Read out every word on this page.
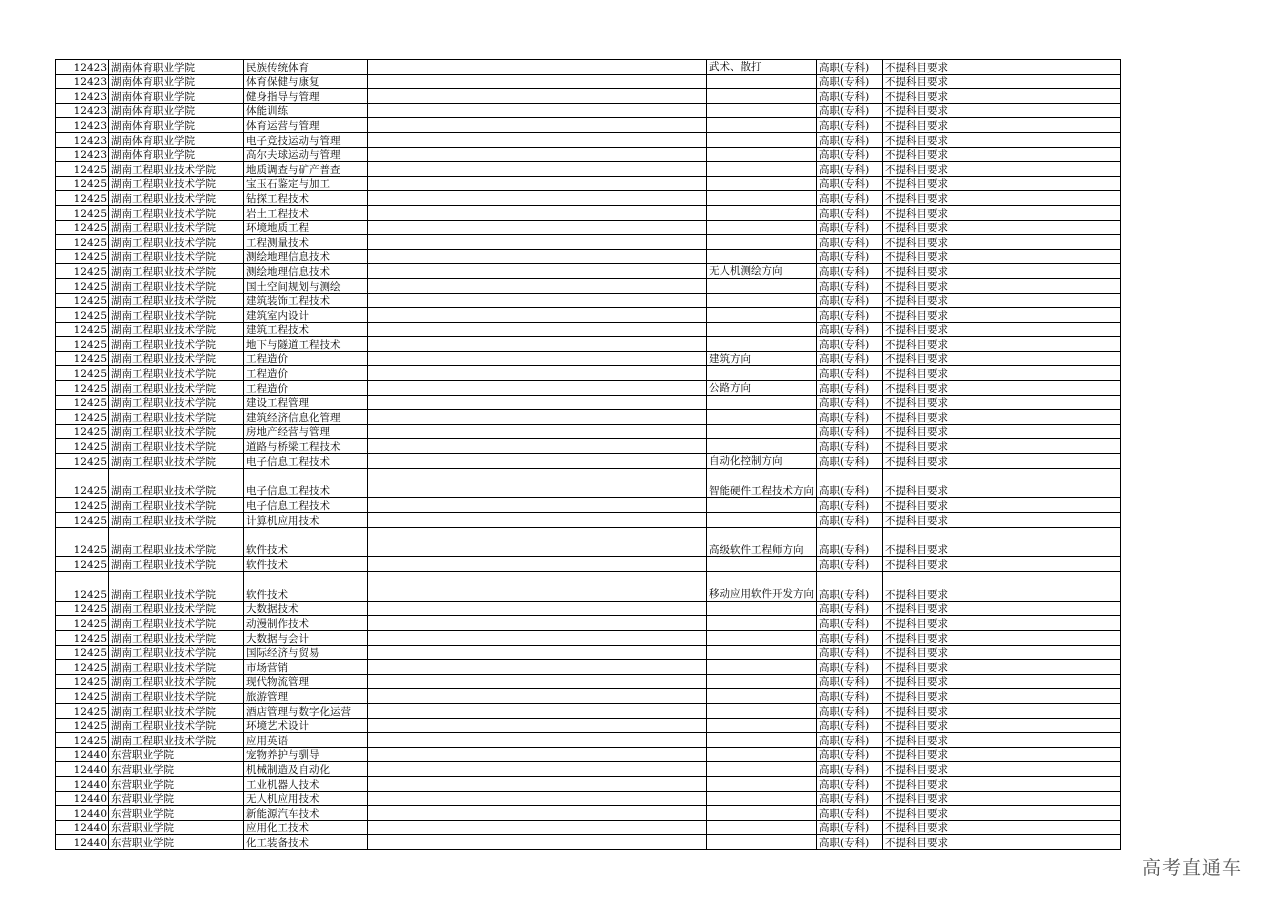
12423	湖南体育职业学院	民族传统体育		武术、散打	高职(专科)	不提科目要求
12423	湖南体育职业学院	体育保健与康复			高职(专科)	不提科目要求
12423	湖南体育职业学院	健身指导与管理			高职(专科)	不提科目要求
12423	湖南体育职业学院	体能训练			高职(专科)	不提科目要求
12423	湖南体育职业学院	体育运营与管理			高职(专科)	不提科目要求
12423	湖南体育职业学院	电子竞技运动与管理			高职(专科)	不提科目要求
12423	湖南体育职业学院	高尔夫球运动与管理			高职(专科)	不提科目要求
12425	湖南工程职业技术学院	地质调查与矿产普查			高职(专科)	不提科目要求
12425	湖南工程职业技术学院	宝玉石鉴定与加工			高职(专科)	不提科目要求
12425	湖南工程职业技术学院	钻探工程技术			高职(专科)	不提科目要求
12425	湖南工程职业技术学院	岩土工程技术			高职(专科)	不提科目要求
12425	湖南工程职业技术学院	环境地质工程			高职(专科)	不提科目要求
12425	湖南工程职业技术学院	工程测量技术			高职(专科)	不提科目要求
12425	湖南工程职业技术学院	测绘地理信息技术			高职(专科)	不提科目要求
12425	湖南工程职业技术学院	测绘地理信息技术		无人机测绘方向	高职(专科)	不提科目要求
12425	湖南工程职业技术学院	国土空间规划与测绘			高职(专科)	不提科目要求
12425	湖南工程职业技术学院	建筑装饰工程技术			高职(专科)	不提科目要求
12425	湖南工程职业技术学院	建筑室内设计			高职(专科)	不提科目要求
12425	湖南工程职业技术学院	建筑工程技术			高职(专科)	不提科目要求
12425	湖南工程职业技术学院	地下与隧道工程技术			高职(专科)	不提科目要求
12425	湖南工程职业技术学院	工程造价		建筑方向	高职(专科)	不提科目要求
12425	湖南工程职业技术学院	工程造价			高职(专科)	不提科目要求
12425	湖南工程职业技术学院	工程造价		公路方向	高职(专科)	不提科目要求
12425	湖南工程职业技术学院	建设工程管理			高职(专科)	不提科目要求
12425	湖南工程职业技术学院	建筑经济信息化管理			高职(专科)	不提科目要求
12425	湖南工程职业技术学院	房地产经营与管理			高职(专科)	不提科目要求
12425	湖南工程职业技术学院	道路与桥梁工程技术			高职(专科)	不提科目要求
12425	湖南工程职业技术学院	电子信息工程技术		自动化控制方向	高职(专科)	不提科目要求
12425	湖南工程职业技术学院	电子信息工程技术		智能硬件工程技术方向	高职(专科)	不提科目要求
12425	湖南工程职业技术学院	电子信息工程技术			高职(专科)	不提科目要求
12425	湖南工程职业技术学院	计算机应用技术			高职(专科)	不提科目要求
12425	湖南工程职业技术学院	软件技术		高级软件工程师方向	高职(专科)	不提科目要求
12425	湖南工程职业技术学院	软件技术			高职(专科)	不提科目要求
12425	湖南工程职业技术学院	软件技术		移动应用软件开发方向	高职(专科)	不提科目要求
12425	湖南工程职业技术学院	大数据技术			高职(专科)	不提科目要求
12425	湖南工程职业技术学院	动漫制作技术			高职(专科)	不提科目要求
12425	湖南工程职业技术学院	大数据与会计			高职(专科)	不提科目要求
12425	湖南工程职业技术学院	国际经济与贸易			高职(专科)	不提科目要求
12425	湖南工程职业技术学院	市场营销			高职(专科)	不提科目要求
12425	湖南工程职业技术学院	现代物流管理			高职(专科)	不提科目要求
12425	湖南工程职业技术学院	旅游管理			高职(专科)	不提科目要求
12425	湖南工程职业技术学院	酒店管理与数字化运营			高职(专科)	不提科目要求
12425	湖南工程职业技术学院	环境艺术设计			高职(专科)	不提科目要求
12425	湖南工程职业技术学院	应用英语			高职(专科)	不提科目要求
12440	东营职业学院	宠物养护与驯导			高职(专科)	不提科目要求
12440	东营职业学院	机械制造及自动化			高职(专科)	不提科目要求
12440	东营职业学院	工业机器人技术			高职(专科)	不提科目要求
12440	东营职业学院	无人机应用技术			高职(专科)	不提科目要求
12440	东营职业学院	新能源汽车技术			高职(专科)	不提科目要求
12440	东营职业学院	应用化工技术			高职(专科)	不提科目要求
12440	东营职业学院	化工装备技术			高职(专科)	不提科目要求
高考直通车
